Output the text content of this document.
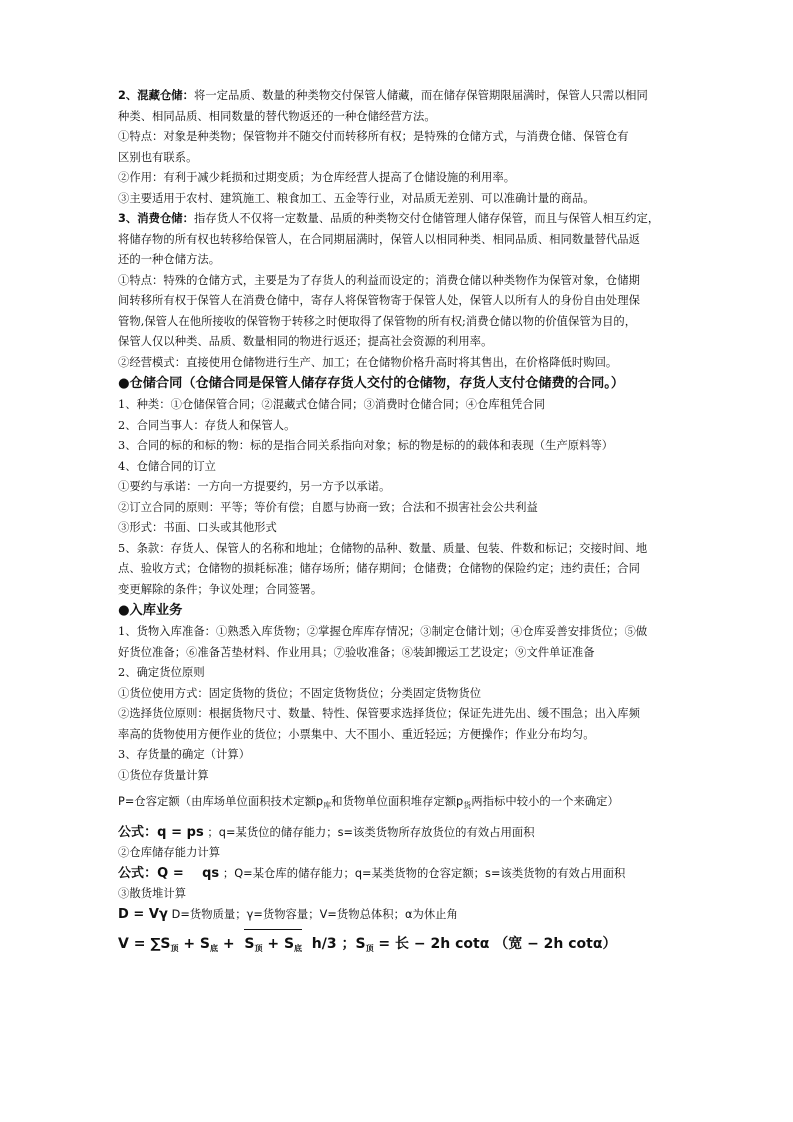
2、混藏仓储：将一定品质、数量的种类物交付保管人储藏，而在储存保管期限届满时，保管人只需以相同
种类、相同品质、相同数量的替代物返还的一种仓储经营方法。
①特点：对象是种类物；保管物并不随交付而转移所有权；是特殊的仓储方式，与消费仓储、保管仓有
区别也有联系。
②作用：有利于减少耗损和过期变质；为仓库经营人提高了仓储设施的利用率。
③主要适用于农村、建筑施工、粮食加工、五金等行业，对品质无差别、可以准确计量的商品。
3、消费仓储：指存货人不仅将一定数量、品质的种类物交付仓储管理人储存保管，而且与保管人相互约定，
将储存物的所有权也转移给保管人，在合同期届满时，保管人以相同种类、相同品质、相同数量替代品返
还的一种仓储方法。
①特点：特殊的仓储方式，主要是为了存货人的利益而设定的；消费仓储以种类物作为保管对象，仓储期
间转移所有权于保管人在消费仓储中，寄存人将保管物寄于保管人处，保管人以所有人的身份自由处理保
管物,保管人在他所接收的保管物于转移之时便取得了保管物的所有权;消费仓储以物的价值保管为目的，
保管人仅以种类、品质、数量相同的物进行返还；提高社会资源的利用率。
②经营模式：直接使用仓储物进行生产、加工；在仓储物价格升高时将其售出，在价格降低时购回。
●仓储合同（仓储合同是保管人储存存货人交付的仓储物，存货人支付仓储费的合同。）
1、种类：①仓储保管合同；②混藏式仓储合同；③消费时仓储合同；④仓库租凭合同
2、合同当事人：存货人和保管人。
3、合同的标的和标的物：标的是指合同关系指向对象；标的物是标的的载体和表现（生产原料等）
4、仓储合同的订立
①要约与承诺：一方向一方提要约，另一方予以承诺。
②订立合同的原则：平等；等价有偿；自愿与协商一致；合法和不损害社会公共利益
③形式：书面、口头或其他形式
5、条款：存货人、保管人的名称和地址；仓储物的品种、数量、质量、包装、件数和标记；交接时间、地
点、验收方式；仓储物的损耗标准；储存场所；储存期间；仓储费；仓储物的保险约定；违约责任；合同
变更解除的条件；争议处理；合同签署。
●入库业务
1、货物入库准备：①熟悉入库货物；②掌握仓库库存情况；③制定仓储计划；④仓库妥善安排货位；⑤做
好货位准备；⑥准备苫垫材料、作业用具；⑦验收准备；⑧装卸搬运工艺设定；⑨文件单证准备
2、确定货位原则
①货位使用方式：固定货物的货位；不固定货物货位；分类固定货物货位
②选择货位原则：根据货物尺寸、数量、特性、保管要求选择货位；保证先进先出、缓不围急；出入库频
率高的货物使用方便作业的货位；小票集中、大不围小、重近轻远；方便操作；作业分布均匀。
3、存货量的确定（计算）
①货位存货量计算
P=仓容定额（由库场单位面积技术定额$p_库$和货物单位面积堆存定额$p_货$两指标中较小的一个来确定）
公式：q = ps ；q=某货位的储存能力；s=该类货物所存放货位的有效占用面积
②仓库储存能力计算
公式：Q =    qs ；Q=某仓库的储存能力；q=某类货物的仓容定额；s=该类货物的有效占用面积
③散货堆计算
D = Vγ D=货物质量；γ=货物容量；V=货物总体积；α为休止角
$V = \sum S_顶 + S_底 + S_顶 + S_底$  h/3 ；$S_顶$ = 长 − 2h cotα （宽 − 2h cotα）
